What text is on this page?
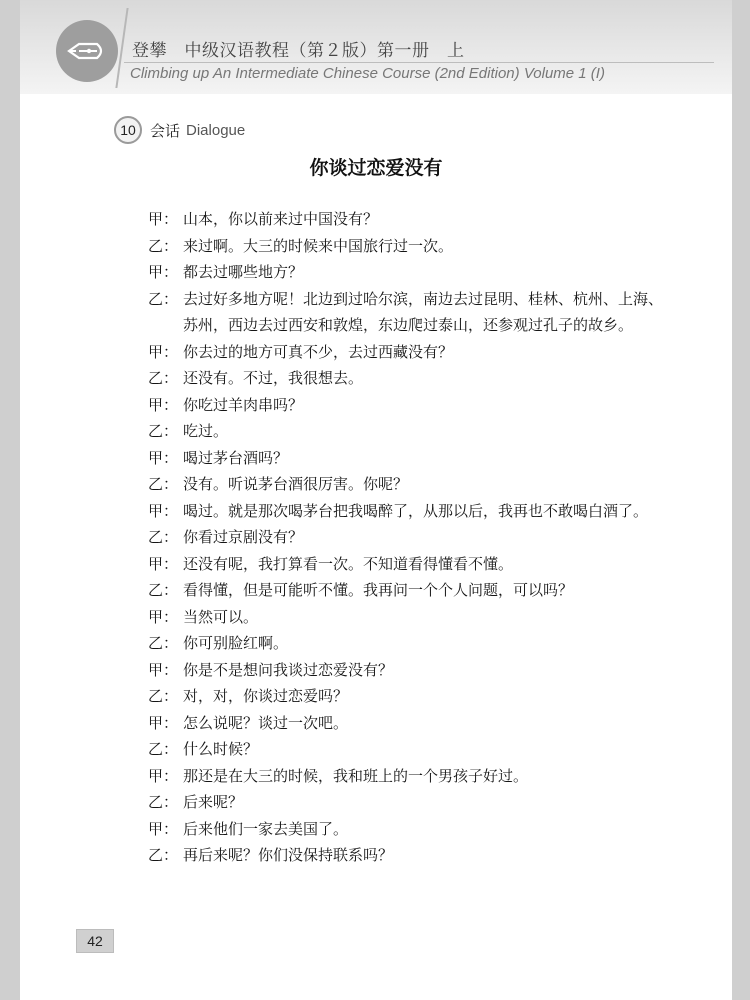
登攀　中级汉语教程（第２版）第一册　上
Climbing up An Intermediate Chinese Course (2nd Edition) Volume 1 (I)
10 会话 Dialogue
你谈过恋爱没有
甲： 山本，你以前来过中国没有？
乙： 来过啊。大三的时候来中国旅行过一次。
甲： 都去过哪些地方？
乙： 去过好多地方呢！北边到过哈尔滨，南边去过昆明、桂林、杭州、上海、苏州，西边去过西安和敦煌，东边爬过泰山，还参观过孔子的故乡。
甲： 你去过的地方可真不少，去过西藏没有？
乙： 还没有。不过，我很想去。
甲： 你吃过羊肉串吗？
乙： 吃过。
甲： 喝过茅台酒吗？
乙： 没有。听说茅台酒很厉害。你呢？
甲： 喝过。就是那次喝茅台把我喝醉了，从那以后，我再也不敢喝白酒了。
乙： 你看过京剧没有？
甲： 还没有呢，我打算看一次。不知道看得懂看不懂。
乙： 看得懂，但是可能听不懂。我再问一个个人问题，可以吗？
甲： 当然可以。
乙： 你可别脸红啊。
甲： 你是不是想问我谈过恋爱没有？
乙： 对，对，你谈过恋爱吗？
甲： 怎么说呢？谈过一次吧。
乙： 什么时候？
甲： 那还是在大三的时候，我和班上的一个男孩子好过。
乙： 后来呢？
甲： 后来他们一家去美国了。
乙： 再后来呢？你们没保持联系吗？
42
